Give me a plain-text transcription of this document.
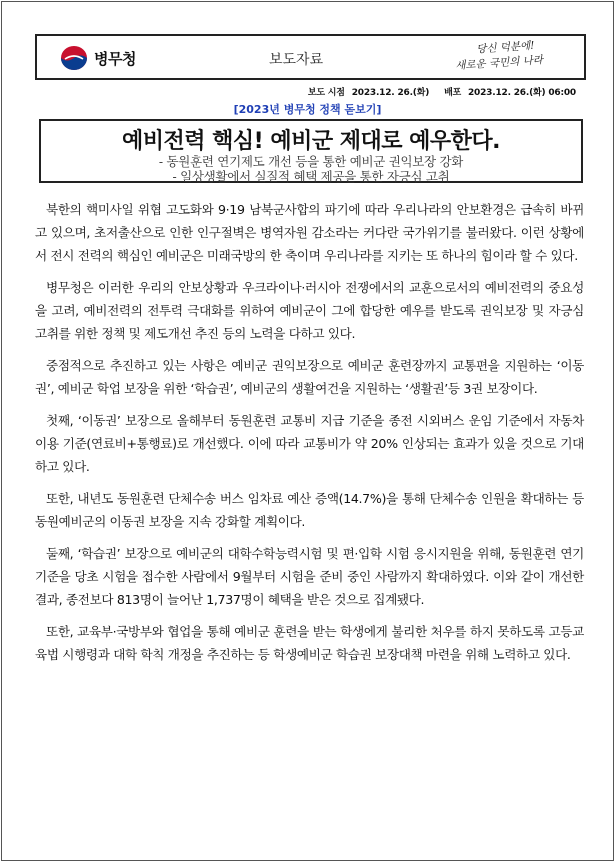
병무청	보도자료
당신 덕분에!
새로운 국민의 나라
보도 시점 2023.12. 26.(화) 배포 2023.12. 26.(화) 06:00
[2023년 병무청 정책 돋보기]
예비전력 핵심! 예비군 제대로 예우한다.
- 동원훈련 연기제도 개선 등을 통한 예비군 권익보장 강화
- 일상생활에서 실질적 혜택 제공을 통한 자긍심 고취

북한의 핵미사일 위협 고도화와 9·19 남북군사합의 파기에 따라 우리나라의 안보환경은 급속히 바뀌고 있으며, 초저출산으로 인한 인구절벽은 병역자원 감소라는 커다란 국가위기를 불러왔다. 이런 상황에서 전시 전력의 핵심인 예비군은 미래국방의 한 축이며 우리나라를 지키는 또 하나의 힘이라 할 수 있다.

병무청은 이러한 우리의 안보상황과 우크라이나·러시아 전쟁에서의 교훈으로서의 예비전력의 중요성을 고려, 예비전력의 전투력 극대화를 위하여 예비군이 그에 합당한 예우를 받도록 권익보장 및 자긍심 고취를 위한 정책 및 제도개선 추진 등의 노력을 다하고 있다.

중점적으로 추진하고 있는 사항은 예비군 권익보장으로 예비군 훈련장까지 교통편을 지원하는 ‘이동권’, 예비군 학업 보장을 위한 ‘학습권’, 예비군의 생활여건을 지원하는 ‘생활권’등 3권 보장이다.

첫째, ‘이동권’ 보장으로 올해부터 동원훈련 교통비 지급 기준을 종전 시외버스 운임 기준에서 자동차 이용 기준(연료비+통행료)로 개선했다. 이에 따라 교통비가 약 20% 인상되는 효과가 있을 것으로 기대하고 있다.

또한, 내년도 동원훈련 단체수송 버스 임차료 예산 증액(14.7%)을 통해 단체수송 인원을 확대하는 등 동원예비군의 이동권 보장을 지속 강화할 계획이다.

둘째, ‘학습권’ 보장으로 예비군의 대학수학능력시험 및 편·입학 시험 응시지원을 위해, 동원훈련 연기 기준을 당초 시험을 접수한 사람에서 9월부터 시험을 준비 중인 사람까지 확대하였다. 이와 같이 개선한 결과, 종전보다 813명이 늘어난 1,737명이 혜택을 받은 것으로 집계됐다.

또한, 교육부·국방부와 협업을 통해 예비군 훈련을 받는 학생에게 불리한 처우를 하지 못하도록 고등교육법 시행령과 대학 학칙 개정을 추진하는 등 학생예비군 학습권 보장대책 마련을 위해 노력하고 있다.
